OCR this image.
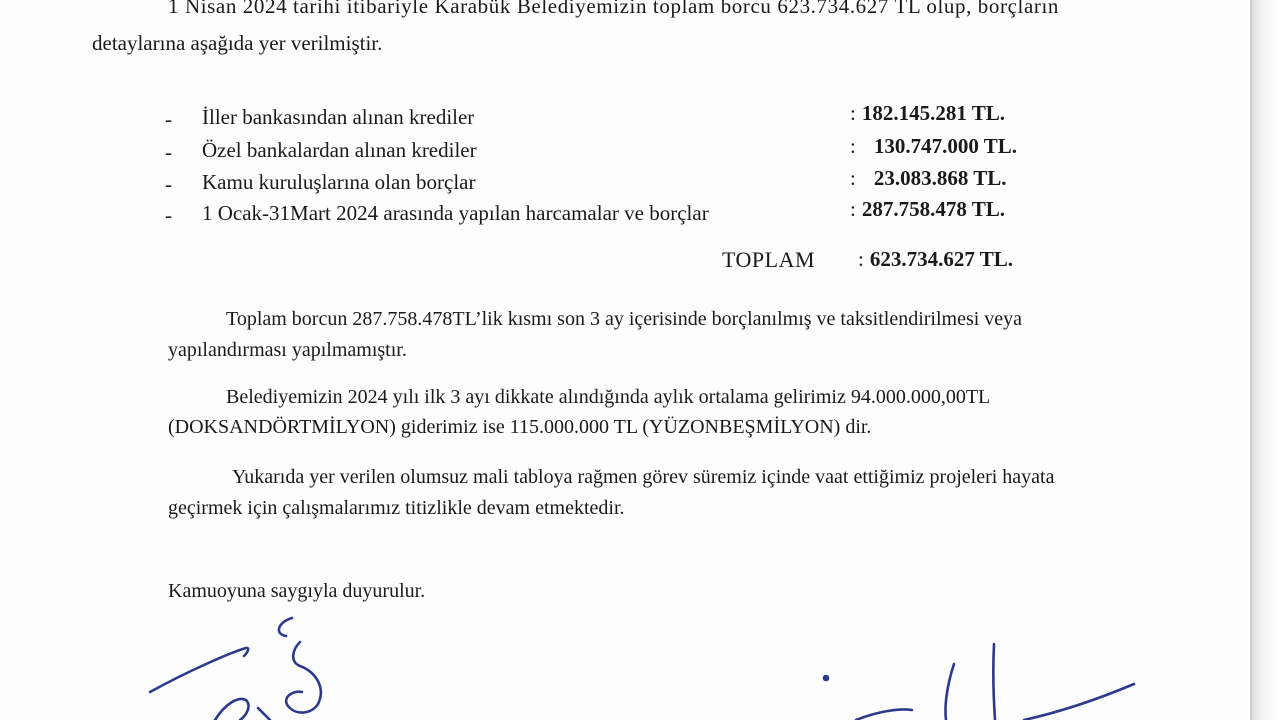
1 Nisan 2024 tarihi itibariyle Karabük Belediyemizin toplam borcu 623.734.627 TL olup, borçların
detaylarına aşağıda yer verilmiştir.
- İller bankasından alınan krediler	: 182.145.281 TL.
- Özel bankalardan alınan krediler	: 130.747.000 TL.
- Kamu kuruluşlarına olan borçlar	: 23.083.868 TL.
- 1 Ocak-31Mart 2024 arasında yapılan harcamalar ve borçlar	: 287.758.478 TL.
TOPLAM : 623.734.627 TL.
Toplam borcun 287.758.478TL’lik kısmı son 3 ay içerisinde borçlanılmış ve taksitlendirilmesi veya
yapılandırması yapılmamıştır.
Belediyemizin 2024 yılı ilk 3 ayı dikkate alındığında aylık ortalama gelirimiz 94.000.000,00TL
(DOKSANDÖRTMİLYON) giderimiz ise 115.000.000 TL (YÜZONBEŞMİLYON) dir.
Yukarıda yer verilen olumsuz mali tabloya rağmen görev süremiz içinde vaat ettiğimiz projeleri hayata
geçirmek için çalışmalarımız titizlikle devam etmektedir.
Kamuoyuna saygıyla duyurulur.
